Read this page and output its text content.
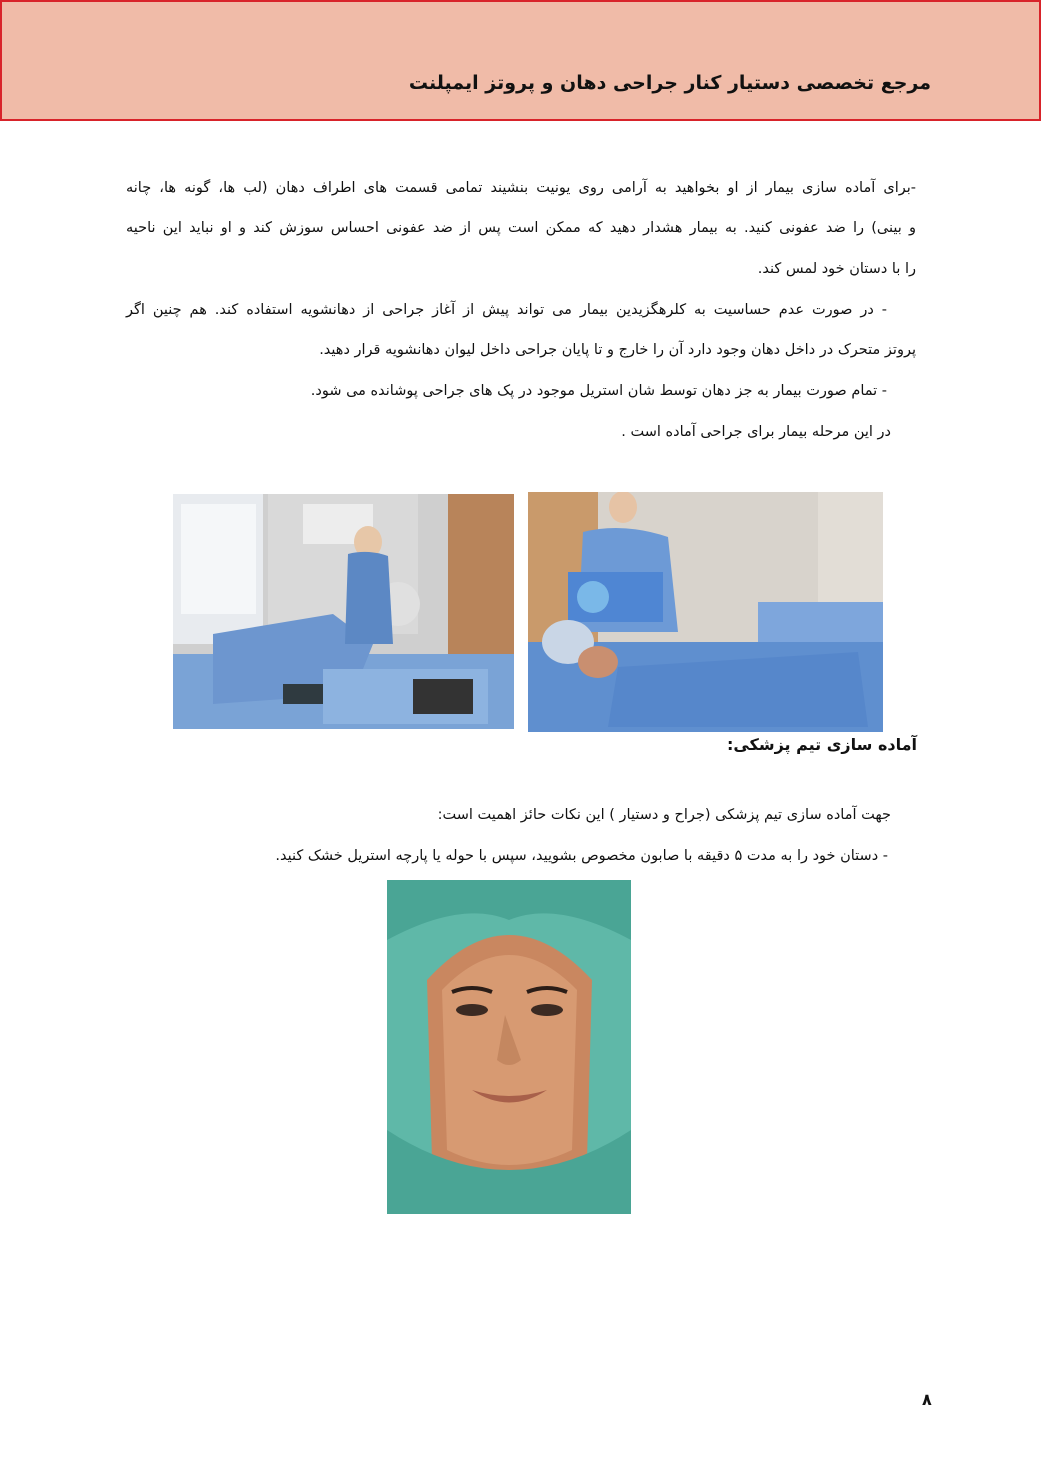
مرجع تخصصی دستیار کنار جراحی دهان و پروتز ایمپلنت
-برای آماده سازی بیمار از او بخواهید به آرامی روی یونیت بنشیند تمامی قسمت های اطراف دهان (لب ها، گونه ها، چانه
و بینی) را ضد عفونی کنید. به بیمار هشدار دهید که ممکن است پس از ضد عفونی احساس سوزش کند و او نباید این ناحیه
را با دستان خود لمس کند.
- در صورت عدم حساسیت به کلرهگزیدین بیمار می تواند پیش از آغاز جراحی از دهانشویه استفاده کند. هم چنین اگر
پروتز متحرک در داخل دهان وجود دارد آن را خارج و تا پایان جراحی داخل لیوان دهانشویه قرار دهید.
- تمام صورت بیمار به جز دهان توسط شان استریل موجود در پک های جراحی پوشانده می شود.
در این مرحله بیمار برای جراحی آماده است .
آماده سازی تیم پزشکی:
جهت آماده سازی تیم پزشکی (جراح و دستیار ) این نکات حائز اهمیت است:
- دستان خود را به مدت ۵ دقیقه با صابون مخصوص بشویید، سپس با حوله یا پارچه استریل خشک کنید.
۸
